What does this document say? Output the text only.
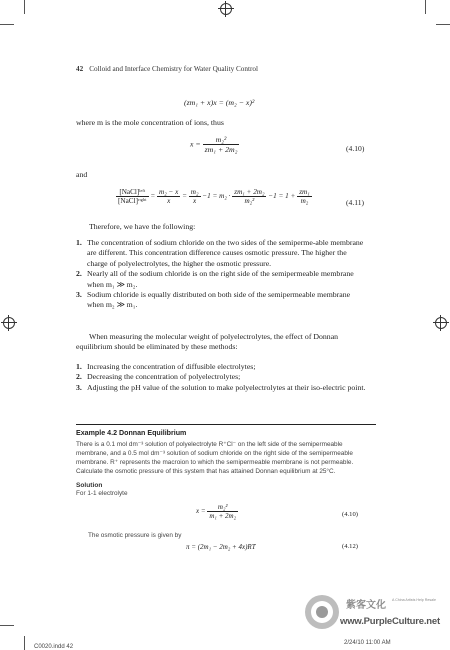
42 Colloid and Interface Chemistry for Water Quality Control
(zm₁ + x)x = (m₂ − x)²
where m is the mole concentration of ions, thus
$x = \frac{\text{m₂²}}{\text{zm₁ + 2m₂}}$	(4.10)
and
$\frac{\text{[NaCl]ˡᵉᶠᵗ}}{\text{[NaCl]ʳᶦᵍʰᵗ}} = \frac{\text{m₂ − x}}{x} = \frac{\text{m₂}}{x} -1 = m_2 \cdot \frac{\text{zm₁ + 2m₂}}{\text{m₂²}} -1 = 1 + \frac{\text{zm₁}}{\text{m₂}}$	(4.11)
Therefore, we have the following:
1. The concentration of sodium chloride on the two sides of the semiperme-able membrane are different. This concentration difference causes osmotic pressure. The higher the charge of polyelectrolytes, the higher the osmotic pressure.
2. Nearly all of the sodium chloride is on the right side of the semipermeable membrane when m₁ ≫ m₂.
3. Sodium chloride is equally distributed on both side of the semipermeable membrane when m₂ ≫ m₁.
When measuring the molecular weight of polyelectrolytes, the effect of Donnan equilibrium should be eliminated by these methods:
1. Increasing the concentration of diffusible electrolytes;
2. Decreasing the concentration of polyelectrolytes;
3. Adjusting the pH value of the solution to make polyelectrolytes at their iso-electric point.
Example 4.2 Donnan Equilibrium
There is a 0.1 mol dm⁻³ solution of polyelectrolyte R⁺Cl⁻ on the left side of the semipermeable membrane, and a 0.5 mol dm⁻³ solution of sodium chloride on the right side of the semipermeable membrane. R⁺ represents the macroion to which the semipermeable membrane is not permeable. Calculate the osmotic pressure of this system that has attained Donnan equilibrium at 25°C.
Solution
For 1-1 electrolyte
$x = \frac{\text{m₂²}}{\text{m₁ + 2m₂}}$	(4.10)
The osmotic pressure is given by
π = (2m₁ − 2m₂ + 4x)RT	(4.12)
C0020.indd 42
2/24/10 11:00 AM
紫客文化 A China Artists Help Resale
www.PurpleCulture.net
